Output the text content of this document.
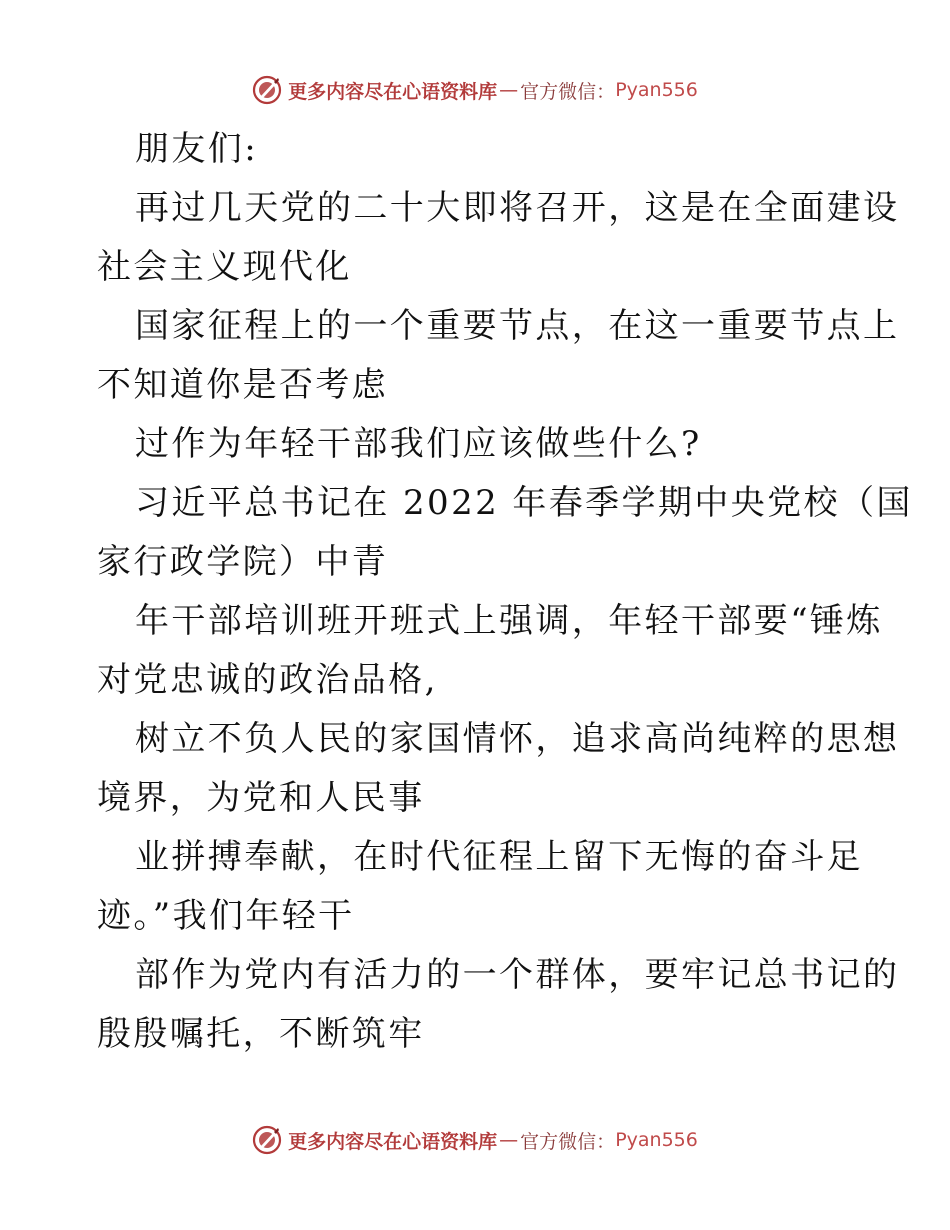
更多内容尽在心语资料库 — 官方微信： Pyan556
朋友们:
再过几天党的二十大即将召开，这是在全面建设
社会主义现代化
国家征程上的一个重要节点，在这一重要节点上
不知道你是否考虑
过作为年轻干部我们应该做些什么?
习近平总书记在 2022 年春季学期中央党校（国
家行政学院）中青
年干部培训班开班式上强调，年轻干部要“锤炼
对党忠诚的政治品格,
树立不负人民的家国情怀，追求高尚纯粹的思想
境界，为党和人民事
业拼搏奉献，在时代征程上留下无悔的奋斗足
迹。”我们年轻干
部作为党内有活力的一个群体，要牢记总书记的
殷殷嘱托，不断筑牢
更多内容尽在心语资料库 — 官方微信： Pyan556
